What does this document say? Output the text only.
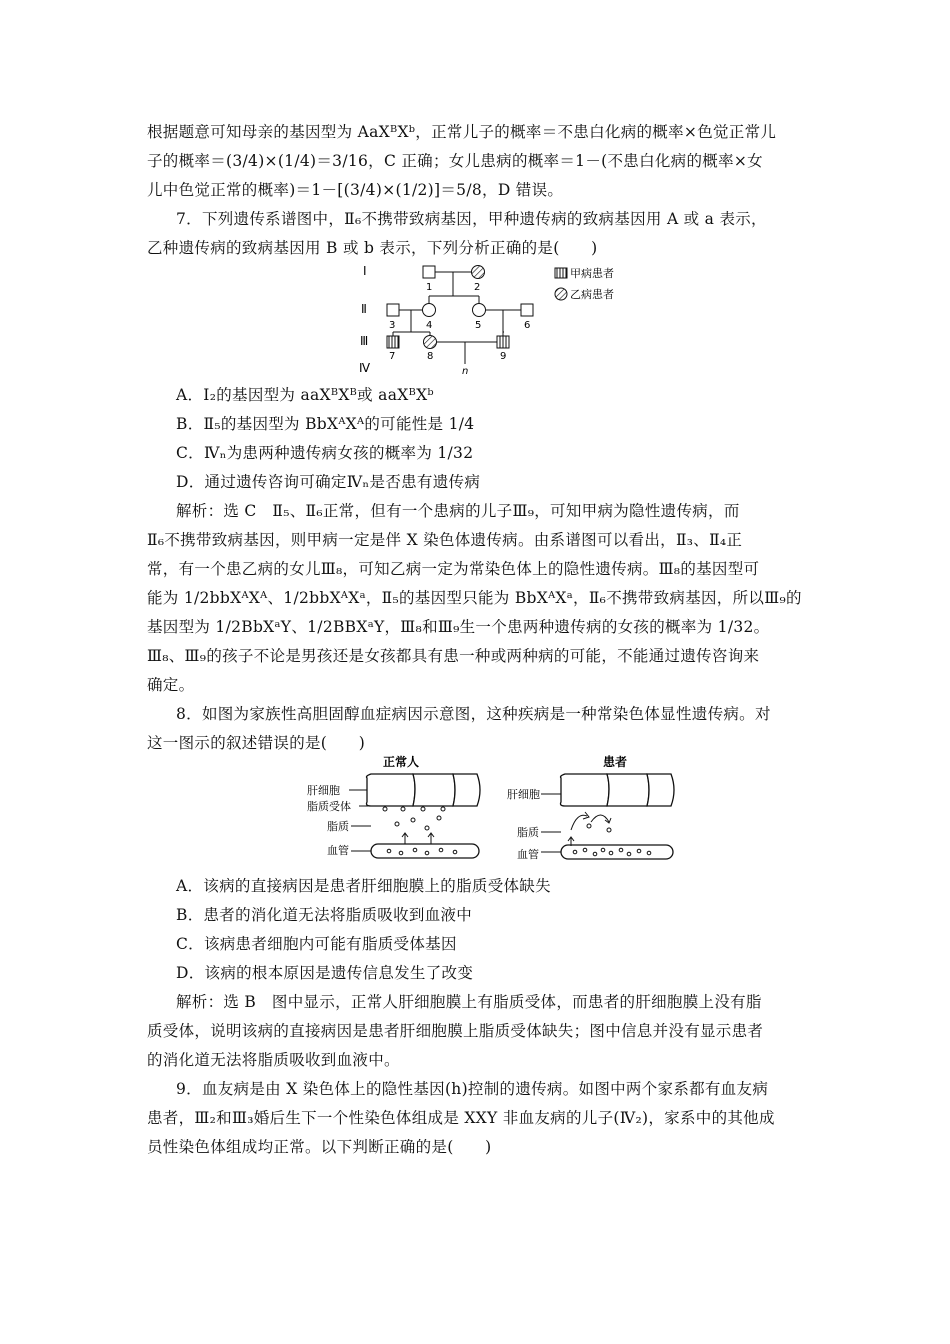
根据题意可知母亲的基因型为 AaXᴮXᵇ，正常儿子的概率＝不患白化病的概率×色觉正常儿
子的概率＝(3/4)×(1/4)＝3/16，C 正确；女儿患病的概率＝1－(不患白化病的概率×女
儿中色觉正常的概率)＝1－[(3/4)×(1/2)]＝5/8，D 错误。
7．下列遗传系谱图中，Ⅱ₆不携带致病基因，甲种遗传病的致病基因用 A 或 a 表示，
乙种遗传病的致病基因用 B 或 b 表示，下列分析正确的是(　　)
Ⅰ
Ⅱ
Ⅲ
Ⅳ
1	2
3	4	5	6
7	8	9
n
甲病患者
乙病患者
A．Ⅰ₂的基因型为 aaXᴮXᴮ或 aaXᴮXᵇ
B．Ⅱ₅的基因型为 BbXᴬXᴬ的可能性是 1/4
C．Ⅳₙ为患两种遗传病女孩的概率为 1/32
D．通过遗传咨询可确定Ⅳₙ是否患有遗传病
解析：选 C　Ⅱ₅、Ⅱ₆正常，但有一个患病的儿子Ⅲ₉，可知甲病为隐性遗传病，而
Ⅱ₆不携带致病基因，则甲病一定是伴 X 染色体遗传病。由系谱图可以看出，Ⅱ₃、Ⅱ₄正
常，有一个患乙病的女儿Ⅲ₈，可知乙病一定为常染色体上的隐性遗传病。Ⅲ₈的基因型可
能为 1/2bbXᴬXᴬ、1/2bbXᴬXᵃ，Ⅱ₅的基因型只能为 BbXᴬXᵃ，Ⅱ₆不携带致病基因，所以Ⅲ₉的
基因型为 1/2BbXᵃY、1/2BBXᵃY，Ⅲ₈和Ⅲ₉生一个患两种遗传病的女孩的概率为 1/32。
Ⅲ₈、Ⅲ₉的孩子不论是男孩还是女孩都具有患一种或两种病的可能，不能通过遗传咨询来
确定。
8．如图为家族性高胆固醇血症病因示意图，这种疾病是一种常染色体显性遗传病。对
这一图示的叙述错误的是(　　)
正常人
肝细胞
脂质受体
脂质
血管
患者
肝细胞
脂质
血管
A．该病的直接病因是患者肝细胞膜上的脂质受体缺失
B．患者的消化道无法将脂质吸收到血液中
C．该病患者细胞内可能有脂质受体基因
D．该病的根本原因是遗传信息发生了改变
解析：选 B　图中显示，正常人肝细胞膜上有脂质受体，而患者的肝细胞膜上没有脂
质受体，说明该病的直接病因是患者肝细胞膜上脂质受体缺失；图中信息并没有显示患者
的消化道无法将脂质吸收到血液中。
9．血友病是由 X 染色体上的隐性基因(h)控制的遗传病。如图中两个家系都有血友病
患者，Ⅲ₂和Ⅲ₃婚后生下一个性染色体组成是 XXY 非血友病的儿子(Ⅳ₂)，家系中的其他成
员性染色体组成均正常。以下判断正确的是(　　)
